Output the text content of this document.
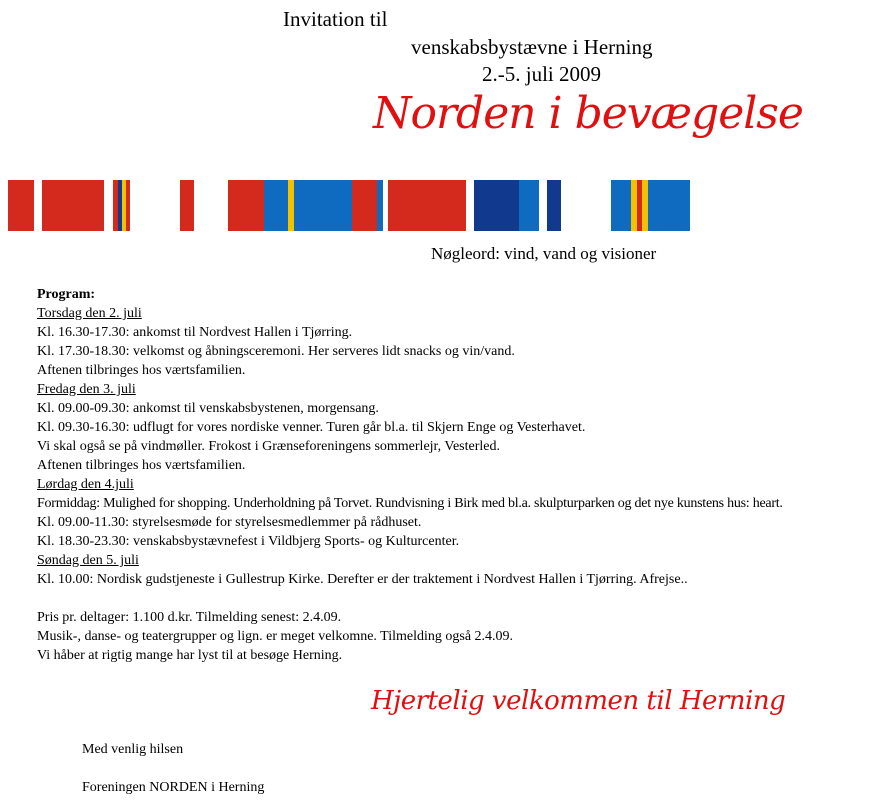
Invitation til
venskabsbystævne i Herning
2.-5. juli 2009
Norden i bevægelse
Nøgleord: vind, vand og visioner
Program:
Torsdag den 2. juli
Kl. 16.30-17.30: ankomst til Nordvest Hallen i Tjørring.
Kl. 17.30-18.30: velkomst og åbningsceremoni. Her serveres lidt snacks og vin/vand.
Aftenen tilbringes hos værtsfamilien.
Fredag den 3. juli
Kl. 09.00-09.30: ankomst til venskabsbystenen, morgensang.
Kl. 09.30-16.30: udflugt for vores nordiske venner. Turen går bl.a. til Skjern Enge og Vesterhavet.
Vi skal også se på vindmøller. Frokost i Grænseforeningens sommerlejr, Vesterled.
Aftenen tilbringes hos værtsfamilien.
Lørdag den 4.juli
Formiddag: Mulighed for shopping. Underholdning på Torvet. Rundvisning i Birk med bl.a. skulpturparken og det nye kunstens hus: heart.
Kl. 09.00-11.30: styrelsesmøde for styrelsesmedlemmer på rådhuset.
Kl. 18.30-23.30: venskabsbystævnefest i Vildbjerg Sports- og Kulturcenter.
Søndag den 5. juli
Kl. 10.00: Nordisk gudstjeneste i Gullestrup Kirke. Derefter er der traktement i Nordvest Hallen i Tjørring. Afrejse..
Pris pr. deltager: 1.100 d.kr. Tilmelding senest: 2.4.09.
Musik-, danse- og teatergrupper og lign. er meget velkomne. Tilmelding også 2.4.09.
Vi håber at rigtig mange har lyst til at besøge Herning.
Hjertelig velkommen til Herning
Med venlig hilsen
Foreningen NORDEN i Herning
